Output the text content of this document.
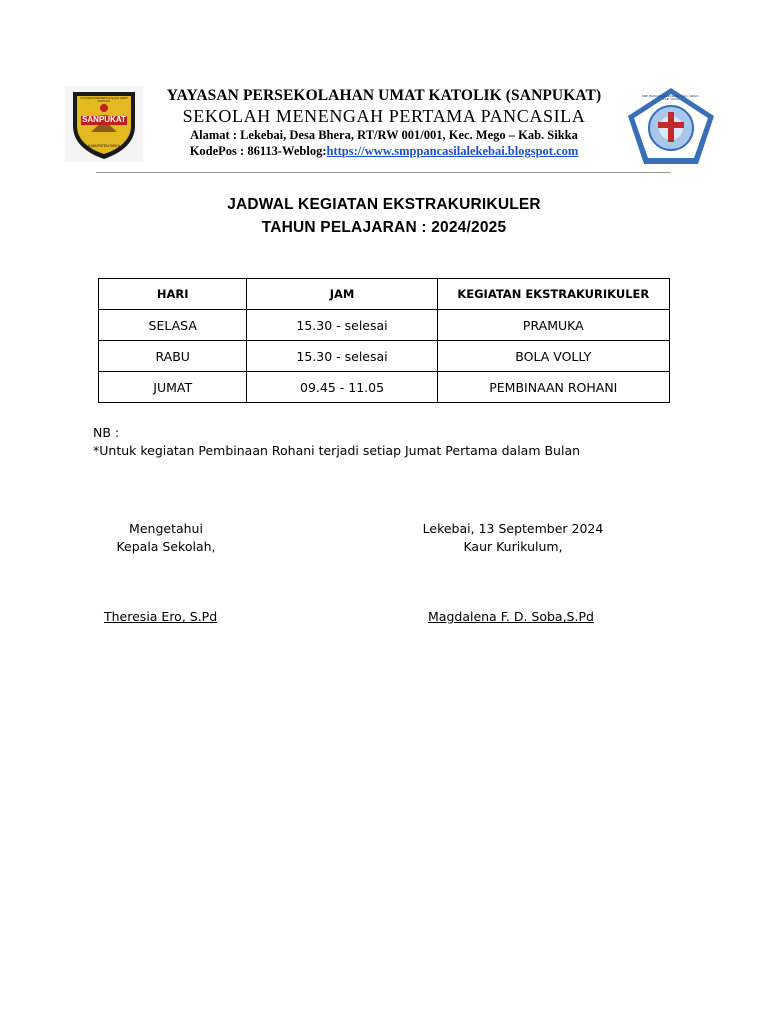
SANPUKAT
YAYASAN PERSEKOLAHAN UMAT KATOLIK
KABUPATEN SIKKA
YAYASAN PERSEKOLAHAN UMAT KATOLIK (SANPUKAT)
SEKOLAH MENENGAH PERTAMA PANCASILA
Alamat : Lekebai, Desa Bhera, RT/RW 001/001, Kec. Mego – Kab. Sikka
KodePos : 86113-Weblog:https://www.smppancasilalekebai.blogspot.com
SMP PANCASILA LEKEBAI - KEC. MEGO - KAB. SIKKA
JADWAL KEGIATAN EKSTRAKURIKULER
TAHUN PELAJARAN : 2024/2025
HARI	JAM	KEGIATAN EKSTRAKURIKULER
SELASA	15.30 - selesai	PRAMUKA
RABU	15.30 - selesai	BOLA VOLLY
JUMAT	09.45 - 11.05	PEMBINAAN ROHANI
NB :
*Untuk kegiatan Pembinaan Rohani terjadi setiap Jumat Pertama dalam Bulan
Mengetahui
Kepala Sekolah,
Lekebai, 13 September 2024
Kaur Kurikulum,
Theresia Ero, S.Pd	Magdalena F. D. Soba,S.Pd
